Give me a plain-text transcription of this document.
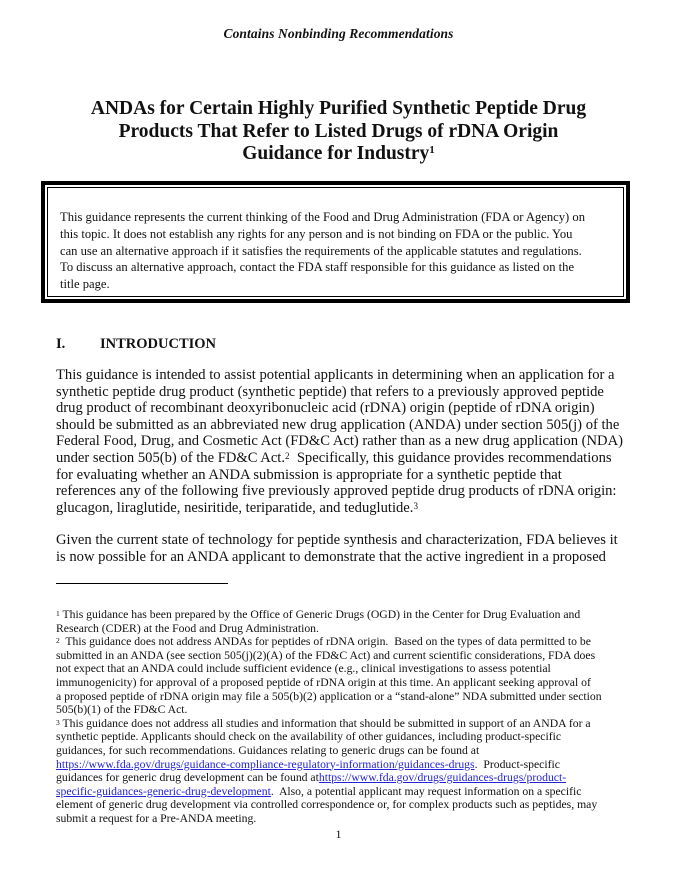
Contains Nonbinding Recommendations
ANDAs for Certain Highly Purified Synthetic Peptide Drug
Products That Refer to Listed Drugs of rDNA Origin
Guidance for Industry$^1$
This guidance represents the current thinking of the Food and Drug Administration (FDA or Agency) on
this topic. It does not establish any rights for any person and is not binding on FDA or the public. You
can use an alternative approach if it satisfies the requirements of the applicable statutes and regulations.
To discuss an alternative approach, contact the FDA staff responsible for this guidance as listed on the
title page.
I. INTRODUCTION
This guidance is intended to assist potential applicants in determining when an application for a
synthetic peptide drug product (synthetic peptide) that refers to a previously approved peptide
drug product of recombinant deoxyribonucleic acid (rDNA) origin (peptide of rDNA origin)
should be submitted as an abbreviated new drug application (ANDA) under section 505(j) of the
Federal Food, Drug, and Cosmetic Act (FD&C Act) rather than as a new drug application (NDA)
under section 505(b) of the FD&C Act.$^2$  Specifically, this guidance provides recommendations
for evaluating whether an ANDA submission is appropriate for a synthetic peptide that
references any of the following five previously approved peptide drug products of rDNA origin:
glucagon, liraglutide, nesiritide, teriparatide, and teduglutide.$^3$
Given the current state of technology for peptide synthesis and characterization, FDA believes it
is now possible for an ANDA applicant to demonstrate that the active ingredient in a proposed
$^1$ This guidance has been prepared by the Office of Generic Drugs (OGD) in the Center for Drug Evaluation and
Research (CDER) at the Food and Drug Administration.
$^2$  This guidance does not address ANDAs for peptides of rDNA origin.  Based on the types of data permitted to be
submitted in an ANDA (see section 505(j)(2)(A) of the FD&C Act) and current scientific considerations, FDA does
not expect that an ANDA could include sufficient evidence (e.g., clinical investigations to assess potential
immunogenicity) for approval of a proposed peptide of rDNA origin at this time. An applicant seeking approval of
a proposed peptide of rDNA origin may file a 505(b)(2) application or a “stand-alone” NDA submitted under section
505(b)(1) of the FD&C Act.
$^3$ This guidance does not address all studies and information that should be submitted in support of an ANDA for a
synthetic peptide. Applicants should check on the availability of other guidances, including product-specific
guidances, for such recommendations. Guidances relating to generic drugs can be found at
https://www.fda.gov/drugs/guidance-compliance-regulatory-information/guidances-drugs.  Product-specific
guidances for generic drug development can be found athttps://www.fda.gov/drugs/guidances-drugs/product-
specific-guidances-generic-drug-development.  Also, a potential applicant may request information on a specific
element of generic drug development via controlled correspondence or, for complex products such as peptides, may
submit a request for a Pre-ANDA meeting.
1
